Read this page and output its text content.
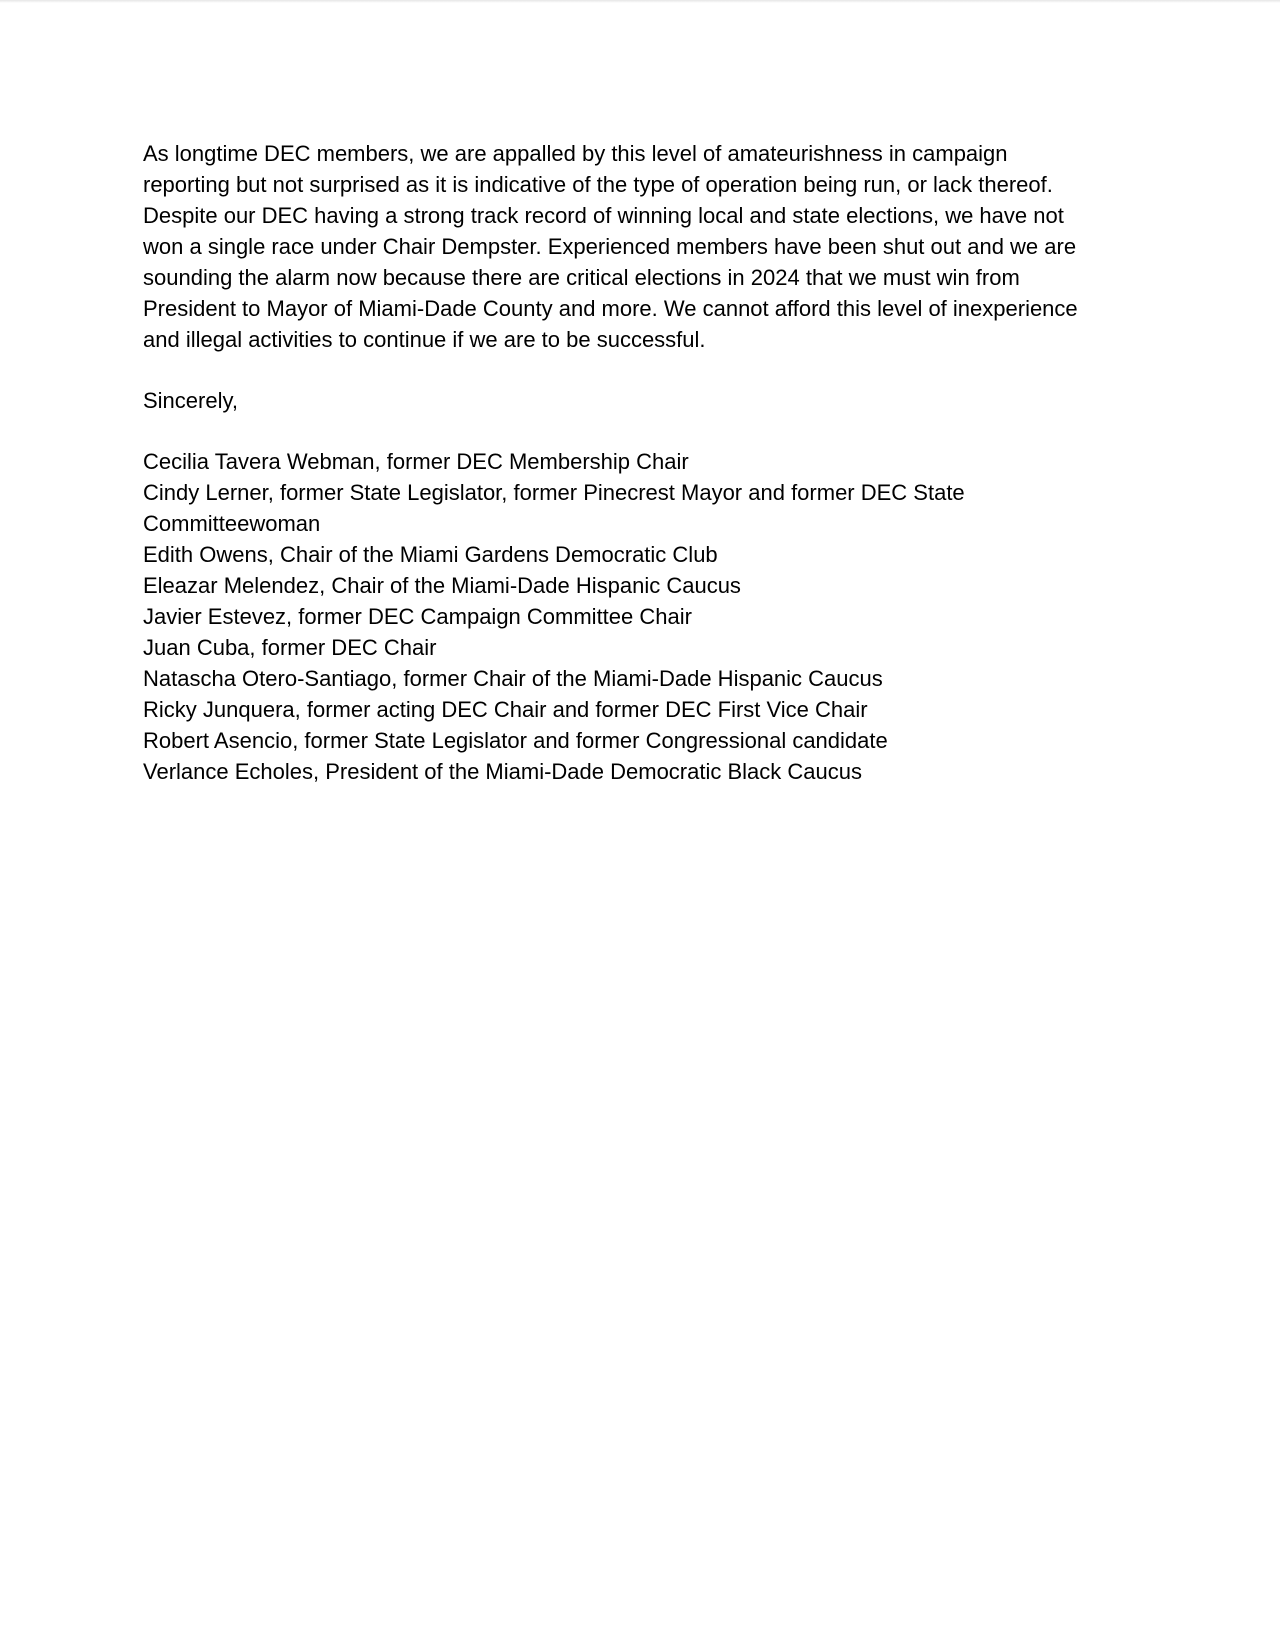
As longtime DEC members, we are appalled by this level of amateurishness in campaign
reporting but not surprised as it is indicative of the type of operation being run, or lack thereof.
Despite our DEC having a strong track record of winning local and state elections, we have not
won a single race under Chair Dempster. Experienced members have been shut out and we are
sounding the alarm now because there are critical elections in 2024 that we must win from
President to Mayor of Miami-Dade County and more. We cannot afford this level of inexperience
and illegal activities to continue if we are to be successful.

Sincerely,

Cecilia Tavera Webman, former DEC Membership Chair
Cindy Lerner, former State Legislator, former Pinecrest Mayor and former DEC State
Committeewoman
Edith Owens, Chair of the Miami Gardens Democratic Club
Eleazar Melendez, Chair of the Miami-Dade Hispanic Caucus
Javier Estevez, former DEC Campaign Committee Chair
Juan Cuba, former DEC Chair
Natascha Otero-Santiago, former Chair of the Miami-Dade Hispanic Caucus
Ricky Junquera, former acting DEC Chair and former DEC First Vice Chair
Robert Asencio, former State Legislator and former Congressional candidate
Verlance Echoles, President of the Miami-Dade Democratic Black Caucus
